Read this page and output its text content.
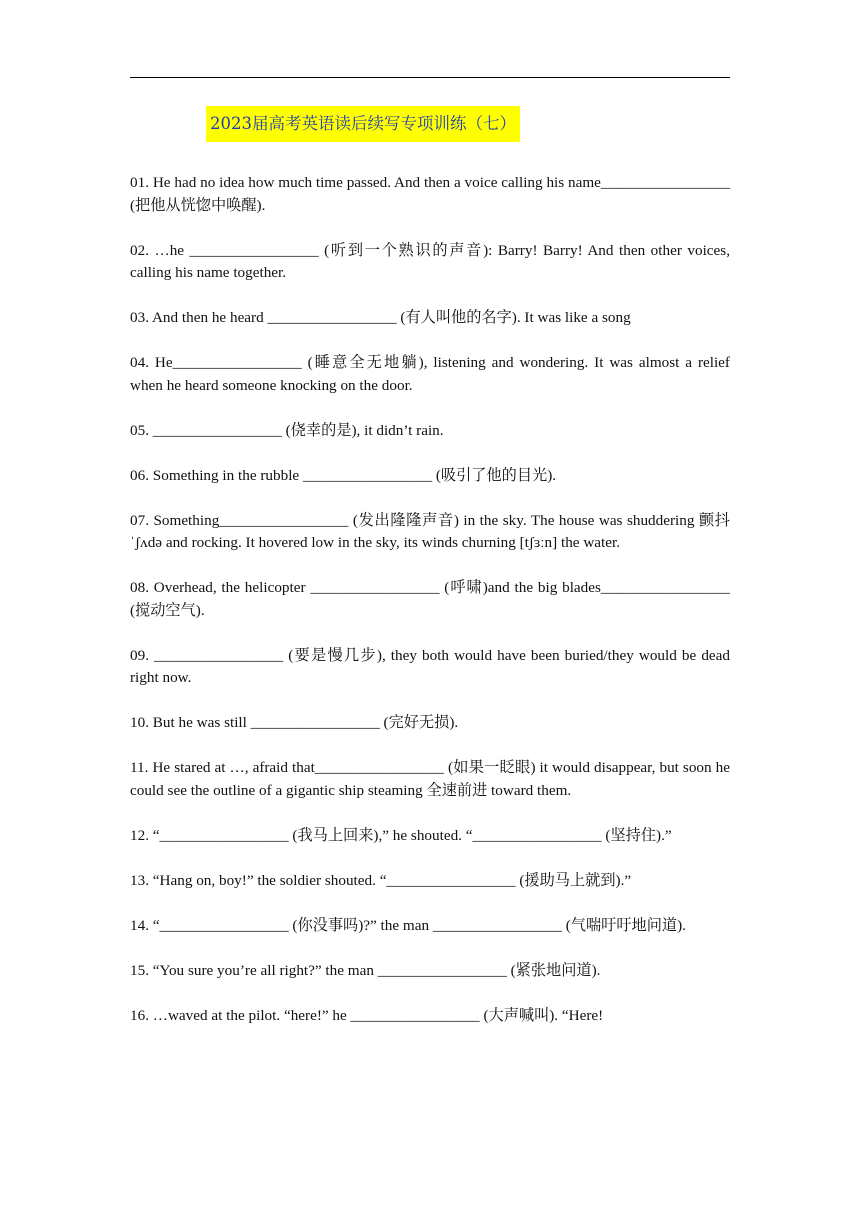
2023届高考英语读后续写专项训练（七）

01. He had no idea how much time passed. And then a voice calling his name_________________ (把他从恍惚中唤醒).

02. …he _________________ (听到一个熟识的声音): Barry! Barry! And then other voices, calling his name together.

03. And then he heard _________________ (有人叫他的名字). It was like a song

04. He_________________ (睡意全无地躺), listening and wondering. It was almost a relief when he heard someone knocking on the door.

05. _________________ (侥幸的是), it didn’t rain.

06. Something in the rubble _________________ (吸引了他的目光).

07. Something_________________ (发出隆隆声音) in the sky. The house was shuddering 颤抖 ˈʃʌdə and rocking. It hovered low in the sky, its winds churning [tʃɜːn] the water.

08. Overhead, the helicopter _________________ (呼啸)and the big blades_________________ (搅动空气).

09. _________________ (要是慢几步), they both would have been buried/they would be dead right now.

10. But he was still _________________ (完好无损).

11. He stared at …, afraid that_________________ (如果一眨眼) it would disappear, but soon he could see the outline of a gigantic ship steaming 全速前进 toward them.

12. “_________________ (我马上回来),” he shouted. “_________________ (坚持住).”

13. “Hang on, boy!” the soldier shouted. “_________________ (援助马上就到).”

14. “_________________ (你没事吗)?” the man _________________ (气喘吁吁地问道).

15. “You sure you’re all right?” the man _________________ (紧张地问道).

16. …waved at the pilot. “here!” he _________________ (大声喊叫). “Here!
